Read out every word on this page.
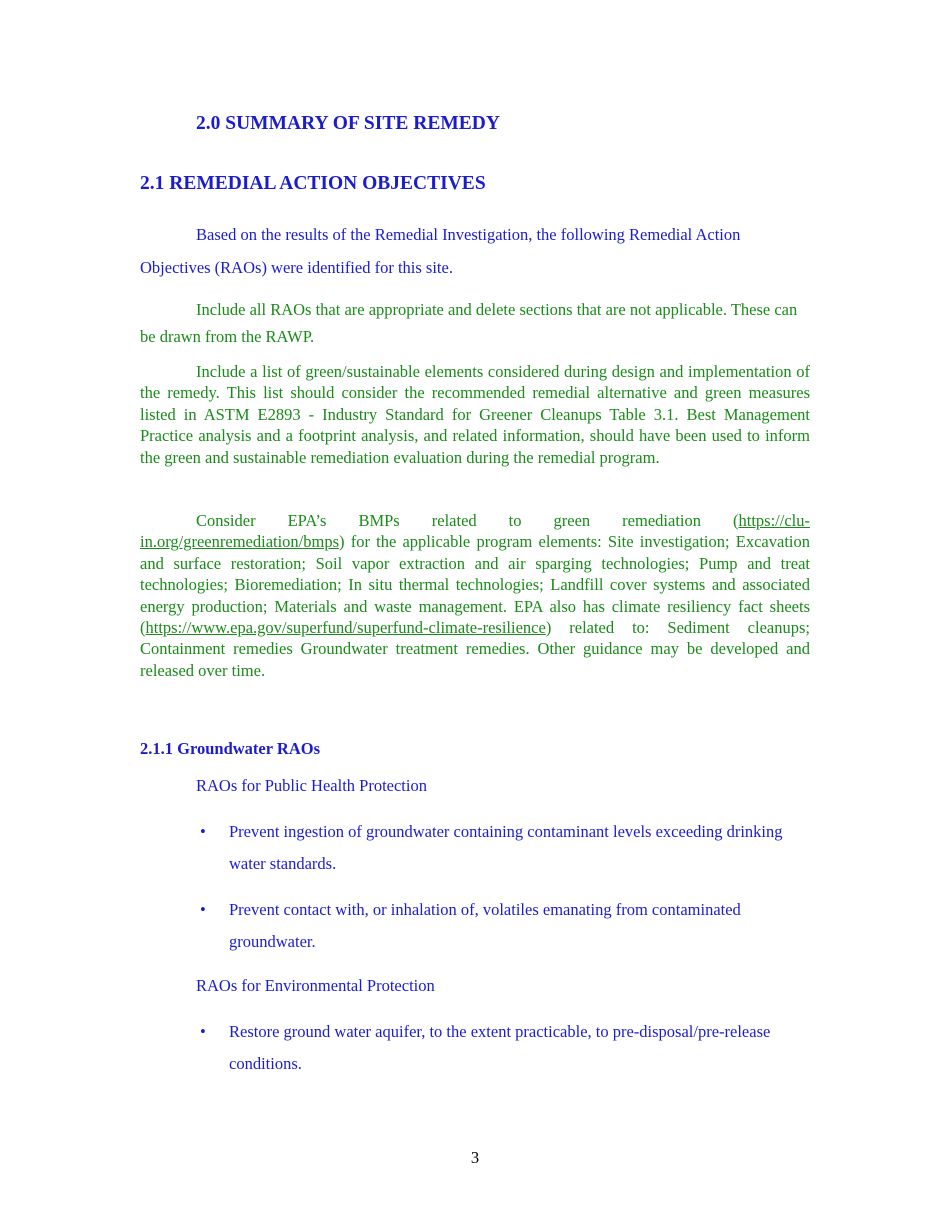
2.0 SUMMARY OF SITE REMEDY
2.1 REMEDIAL ACTION OBJECTIVES

Based on the results of the Remedial Investigation, the following Remedial Action Objectives (RAOs) were identified for this site.

Include all RAOs that are appropriate and delete sections that are not applicable. These can be drawn from the RAWP.

Include a list of green/sustainable elements considered during design and implementation of the remedy. This list should consider the recommended remedial alternative and green measures listed in ASTM E2893 - Industry Standard for Greener Cleanups Table 3.1. Best Management Practice analysis and a footprint analysis, and related information, should have been used to inform the green and sustainable remediation evaluation during the remedial program.

Consider EPA’s BMPs related to green remediation (https://clu-in.org/greenremediation/bmps) for the applicable program elements: Site investigation; Excavation and surface restoration; Soil vapor extraction and air sparging technologies; Pump and treat technologies; Bioremediation; In situ thermal technologies; Landfill cover systems and associated energy production; Materials and waste management. EPA also has climate resiliency fact sheets (https://www.epa.gov/superfund/superfund-climate-resilience) related to: Sediment cleanups; Containment remedies Groundwater treatment remedies. Other guidance may be developed and released over time.

2.1.1 Groundwater RAOs

RAOs for Public Health Protection

• Prevent ingestion of groundwater containing contaminant levels exceeding drinking water standards.
• Prevent contact with, or inhalation of, volatiles emanating from contaminated groundwater.

RAOs for Environmental Protection

• Restore ground water aquifer, to the extent practicable, to pre-disposal/pre-release conditions.

3
